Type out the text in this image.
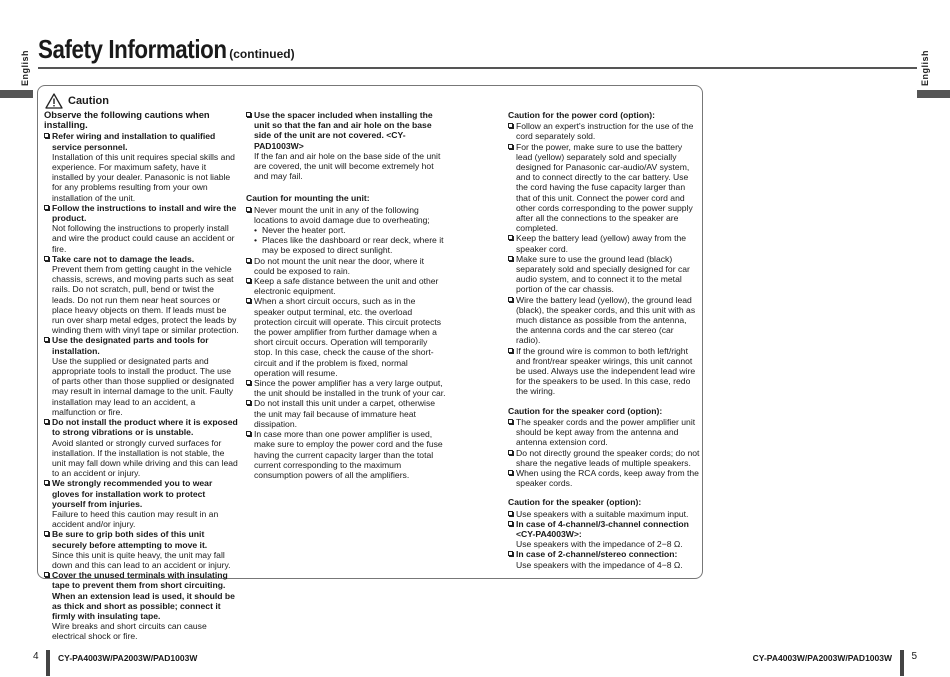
English	English
Safety Information (continued)
Caution
Observe the following cautions when installing.
Refer wiring and installation to qualified service personnel.
Installation of this unit requires special skills and experience. For maximum safety, have it installed by your dealer. Panasonic is not liable for any problems resulting from your own installation of the unit.
Follow the instructions to install and wire the product.
Not following the instructions to properly install and wire the product could cause an accident or fire.
Take care not to damage the leads.
Prevent them from getting caught in the vehicle chassis, screws, and moving parts such as seat rails. Do not scratch, pull, bend or twist the leads. Do not run them near heat sources or place heavy objects on them. If leads must be run over sharp metal edges, protect the leads by winding them with vinyl tape or similar protection.
Use the designated parts and tools for installation.
Use the supplied or designated parts and appropriate tools to install the product. The use of parts other than those supplied or designated may result in internal damage to the unit. Faulty installation may lead to an accident, a malfunction or fire.
Do not install the product where it is exposed to strong vibrations or is unstable.
Avoid slanted or strongly curved surfaces for installation. If the installation is not stable, the unit may fall down while driving and this can lead to an accident or injury.
We strongly recommended you to wear gloves for installation work to protect yourself from injuries.
Failure to heed this caution may result in an accident and/or injury.
Be sure to grip both sides of this unit securely before attempting to move it.
Since this unit is quite heavy, the unit may fall down and this can lead to an accident or injury.
Cover the unused terminals with insulating tape to prevent them from short circuiting.
When an extension lead is used, it should be as thick and short as possible; connect it firmly with insulating tape.
Wire breaks and short circuits can cause electrical shock or fire.
Use the spacer included when installing the unit so that the fan and air hole on the base side of the unit are not covered. <CY-PAD1003W>
If the fan and air hole on the base side of the unit are covered, the unit will become extremely hot and may fail.
Caution for mounting the unit:
Never mount the unit in any of the following locations to avoid damage due to overheating;
• Never the heater port.
• Places like the dashboard or rear deck, where it may be exposed to direct sunlight.
Do not mount the unit near the door, where it could be exposed to rain.
Keep a safe distance between the unit and other electronic equipment.
When a short circuit occurs, such as in the speaker output terminal, etc. the overload protection circuit will operate. This circuit protects the power amplifier from further damage when a short circuit occurs. Operation will temporarily stop. In this case, check the cause of the short-circuit and if the problem is fixed, normal operation will resume.
Since the power amplifier has a very large output, the unit should be installed in the trunk of your car.
Do not install this unit under a carpet, otherwise the unit may fail because of immature heat dissipation.
In case more than one power amplifier is used, make sure to employ the power cord and the fuse having the current capacity larger than the total current corresponding to the maximum consumption powers of all the amplifiers.
Caution for the power cord (option):
Follow an expert's instruction for the use of the cord separately sold.
For the power, make sure to use the battery lead (yellow) separately sold and specially designed for Panasonic car-audio/AV system, and to connect directly to the car battery. Use the cord having the fuse capacity larger than that of this unit. Connect the power cord and other cords corresponding to the power supply after all the connections to the speaker are completed.
Keep the battery lead (yellow) away from the speaker cord.
Make sure to use the ground lead (black) separately sold and specially designed for car audio system, and to connect it to the metal portion of the car chassis.
Wire the battery lead (yellow), the ground lead (black), the speaker cords, and this unit with as much distance as possible from the antenna, the antenna cords and the car stereo (car radio).
If the ground wire is common to both left/right and front/rear speaker wirings, this unit cannot be used. Always use the independent lead wire for the speakers to be used. In this case, redo the wiring.
Caution for the speaker cord (option):
The speaker cords and the power amplifier unit should be kept away from the antenna and antenna extension cord.
Do not directly ground the speaker cords; do not share the negative leads of multiple speakers.
When using the RCA cords, keep away from the speaker cords.
Caution for the speaker (option):
Use speakers with a suitable maximum input.
In case of 4-channel/3-channel connection <CY-PA4003W>:
Use speakers with the impedance of 2−8 Ω.
In case of 2-channel/stereo connection:
Use speakers with the impedance of 4−8 Ω.
4 CY-PA4003W/PA2003W/PAD1003W	CY-PA4003W/PA2003W/PAD1003W 5
